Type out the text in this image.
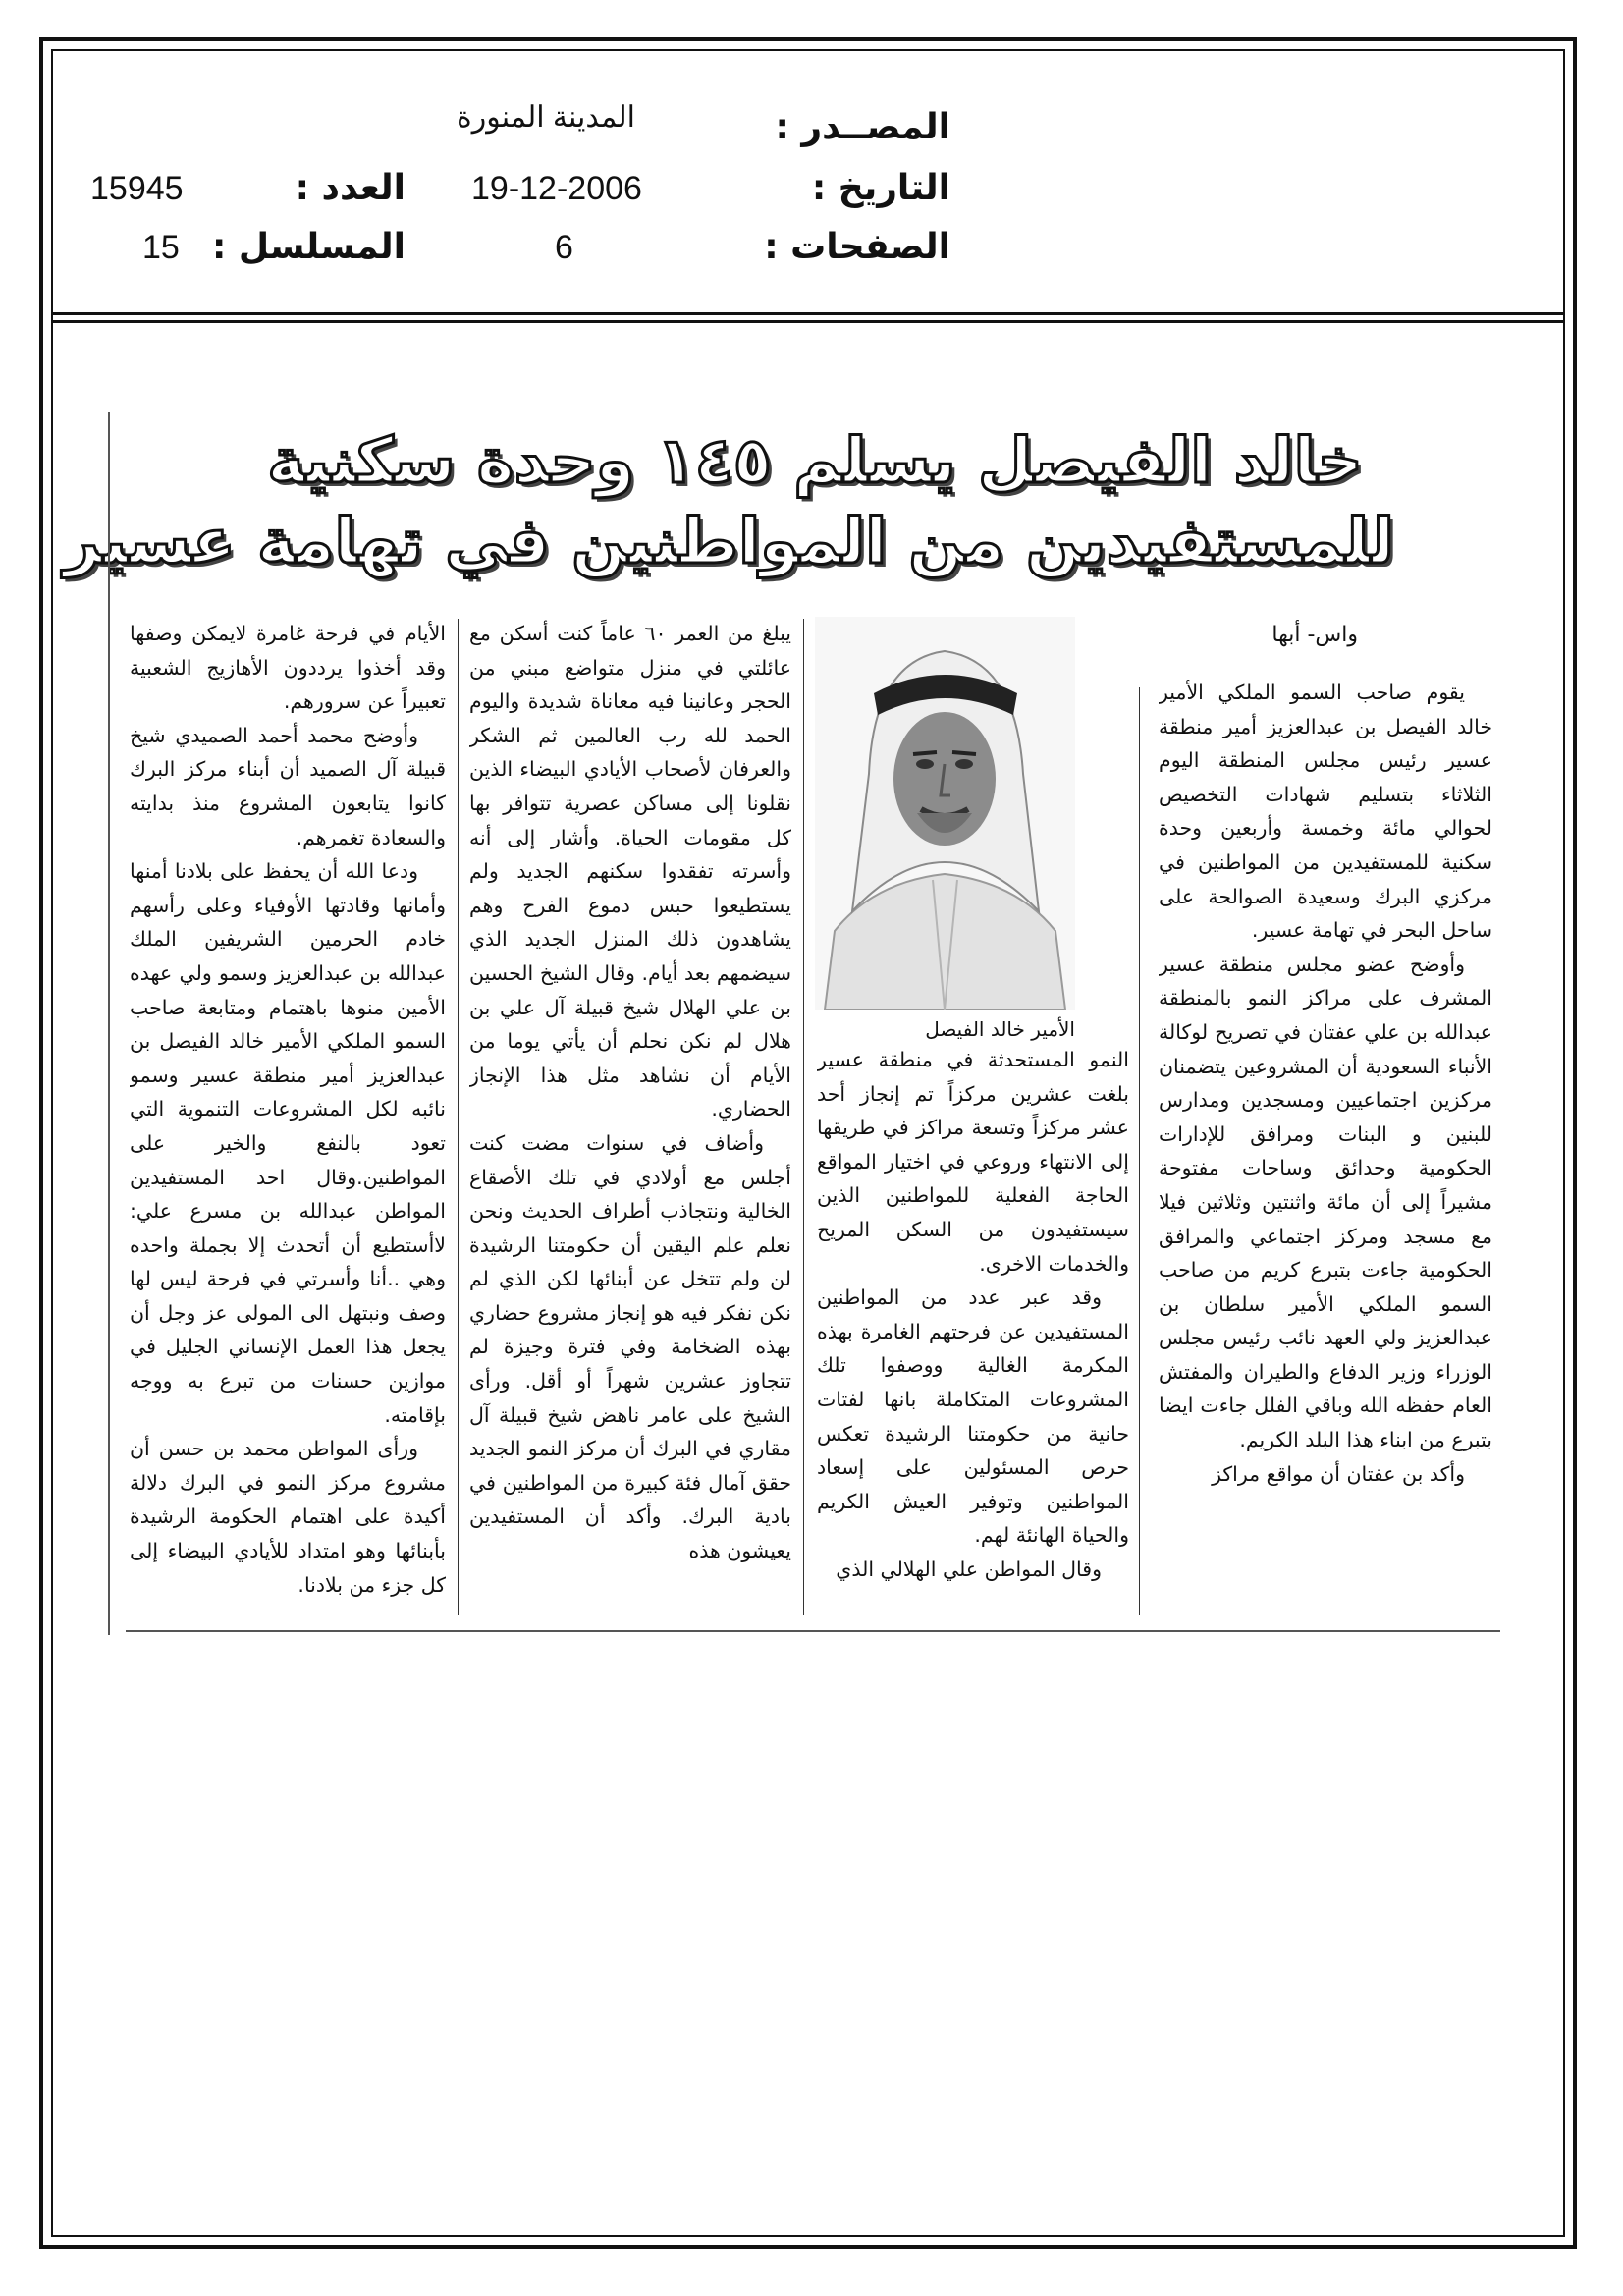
المصــدر :
المدينة المنورة
التاريخ :
19-12-2006
العدد :
15945
الصفحات :
6
المسلسل :
15
خالد الفيصل يسلم ١٤٥ وحدة سكنية
للمستفيدين من المواطنين في تهامة عسير
واس- أبها

يقوم صاحب السمو الملكي الأمير خالد الفيصل بن عبدالعزيز أمير منطقة عسير رئيس مجلس المنطقة اليوم الثلاثاء بتسليم شهادات التخصيص لحوالي مائة وخمسة وأربعين وحدة سكنية للمستفيدين من المواطنين في مركزي البرك وسعيدة الصوالحة على ساحل البحر في تهامة عسير.

وأوضح عضو مجلس منطقة عسير المشرف على مراكز النمو بالمنطقة عبدالله بن علي عفتان في تصريح لوكالة الأنباء السعودية أن المشروعين يتضمنان مركزين اجتماعيين ومسجدين ومدارس للبنين و البنات ومرافق للإدارات الحكومية وحدائق وساحات مفتوحة مشيراً إلى أن مائة واثنتين وثلاثين فيلا مع مسجد ومركز اجتماعي والمرافق الحكومية جاءت بتبرع كريم من صاحب السمو الملكي الأمير سلطان بن عبدالعزيز ولي العهد نائب رئيس مجلس الوزراء وزير الدفاع والطيران والمفتش العام حفظه الله وباقي الفلل جاءت ايضا بتبرع من ابناء هذا البلد الكريم.

وأكد بن عفتان أن مواقع مراكز

الأمير خالد الفيصل

النمو المستحدثة في منطقة عسير بلغت عشرين مركزاً تم إنجاز أحد عشر مركزاً وتسعة مراكز في طريقها إلى الانتهاء وروعي في اختيار المواقع الحاجة الفعلية للمواطنين الذين سيستفيدون من السكن المريح والخدمات الاخرى.

وقد عبر عدد من المواطنين المستفيدين عن فرحتهم الغامرة بهذه المكرمة الغالية ووصفوا تلك المشروعات المتكاملة بانها لفتات حانية من حكومتنا الرشيدة تعكس حرص المسئولين على إسعاد المواطنين وتوفير العيش الكريم والحياة الهانئة لهم.

وقال المواطن علي الهلالي الذي

يبلغ من العمر ٦٠ عاماً كنت أسكن مع عائلتي في منزل متواضع مبني من الحجر وعانينا فيه معاناة شديدة واليوم الحمد لله رب العالمين ثم الشكر والعرفان لأصحاب الأيادي البيضاء الذين نقلونا إلى مساكن عصرية تتوافر بها كل مقومات الحياة. وأشار إلى أنه وأسرته تفقدوا سكنهم الجديد ولم يستطيعوا حبس دموع الفرح وهم يشاهدون ذلك المنزل الجديد الذي سيضمهم بعد أيام. وقال الشيخ الحسين بن علي الهلال شيخ قبيلة آل علي بن هلال لم نكن نحلم أن يأتي يوما من الأيام أن نشاهد مثل هذا الإنجاز الحضاري.

وأضاف في سنوات مضت كنت أجلس مع أولادي في تلك الأصقاع الخالية ونتجاذب أطراف الحديث ونحن نعلم علم اليقين أن حكومتنا الرشيدة لن ولم تتخل عن أبنائها لكن الذي لم نكن نفكر فيه هو إنجاز مشروع حضاري بهذه الضخامة وفي فترة وجيزة لم تتجاوز عشرين شهراً أو أقل. ورأى الشيخ على عامر ناهض شيخ قبيلة آل مقاري في البرك أن مركز النمو الجديد حقق آمال فئة كبيرة من المواطنين في بادية البرك. وأكد أن المستفيدين يعيشون هذه

الأيام في فرحة غامرة لايمكن وصفها وقد أخذوا يرددون الأهازيج الشعبية تعبيراً عن سرورهم.

وأوضح محمد أحمد الصميدي شيخ قبيلة آل الصميد أن أبناء مركز البرك كانوا يتابعون المشروع منذ بدايته والسعادة تغمرهم.

ودعا الله أن يحفظ على بلادنا أمنها وأمانها وقادتها الأوفياء وعلى رأسهم خادم الحرمين الشريفين الملك عبدالله بن عبدالعزيز وسمو ولي عهده الأمين منوها باهتمام ومتابعة صاحب السمو الملكي الأمير خالد الفيصل بن عبدالعزيز أمير منطقة عسير وسمو نائبه لكل المشروعات التنموية التي تعود بالنفع والخير على المواطنين.وقال احد المستفيدين المواطن عبدالله بن مسرع علي: لاأستطيع أن أتحدث إلا بجملة واحده وهي ..أنا وأسرتي في فرحة ليس لها وصف ونبتهل الى المولى عز وجل أن يجعل هذا العمل الإنساني الجليل في موازين حسنات من تبرع به ووجه بإقامته.

ورأى المواطن محمد بن حسن أن مشروع مركز النمو في البرك دلالة أكيدة على اهتمام الحكومة الرشيدة بأبنائها وهو امتداد للأيادي البيضاء إلى كل جزء من بلادنا.
